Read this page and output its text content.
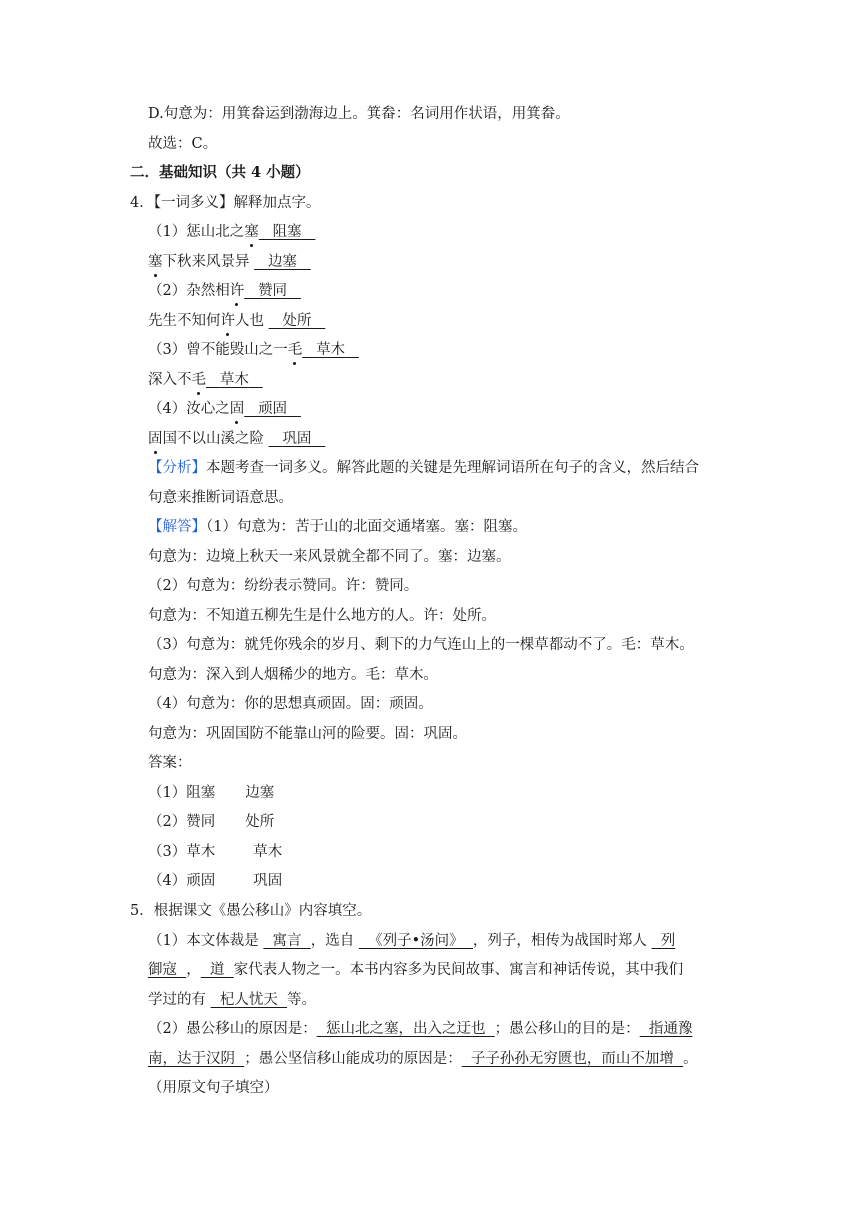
D.句意为：用箕畚运到渤海边上。箕畚：名词用作状语，用箕畚。
故选：C。
二．基础知识（共 4 小题）
4．【一词多义】解释加点字。
（1）惩山北之塞 阻塞
塞下秋来风景异 边塞
（2）杂然相许 赞同
先生不知何许人也 处所
（3）曾不能毁山之一毛 草木
深入不毛 草木
（4）汝心之固 顽固
固国不以山溪之险 巩固
【分析】本题考查一词多义。解答此题的关键是先理解词语所在句子的含义，然后结合
句意来推断词语意思。
【解答】（1）句意为：苦于山的北面交通堵塞。塞：阻塞。
句意为：边境上秋天一来风景就全都不同了。塞：边塞。
（2）句意为：纷纷表示赞同。许：赞同。
句意为：不知道五柳先生是什么地方的人。许：处所。
（3）句意为：就凭你残余的岁月、剩下的力气连山上的一棵草都动不了。毛：草木。
句意为：深入到人烟稀少的地方。毛：草木。
（4）句意为：你的思想真顽固。固：顽固。
句意为：巩固国防不能靠山河的险要。固：巩固。
答案：
（1）阻塞 边塞
（2）赞同 处所
（3）草木	草木
（4）顽固	巩固
5．根据课文《愚公移山》内容填空。
（1）本文体裁是   寓言  ，选自   《列子•汤问》  ，列子，相传为战国时郑人   列
御寇  ，  道  家代表人物之一。本书内容多为民间故事、寓言和神话传说，其中我们
学过的有   杞人忧天  等。
（2）愚公移山的原因是：  惩山北之塞，出入之迂也  ；愚公移山的目的是：  指通豫
南，达于汉阴  ；愚公坚信移山能成功的原因是：  子子孙孙无穷匮也，而山不加增  。
（用原文句子填空）
